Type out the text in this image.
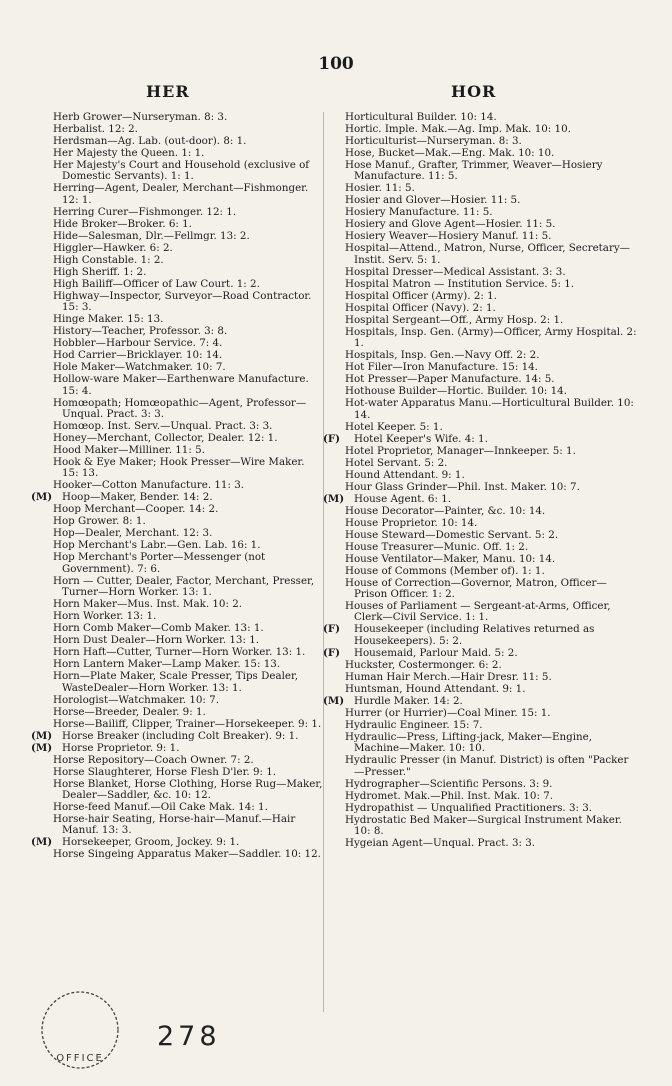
100
HER	HOR
Herb Grower—Nurseryman. 8: 3.
Herbalist. 12: 2.
Herdsman—Ag. Lab. (out-door). 8: 1.
Her Majesty the Queen. 1: 1.
Her Majesty's Court and Household (exclusive of Domestic Servants). 1: 1.
Herring—Agent, Dealer, Merchant—Fishmonger. 12: 1.
Herring Curer—Fishmonger. 12: 1.
Hide Broker—Broker. 6: 1.
Hide—Salesman, Dlr.—Fellmgr. 13: 2.
Higgler—Hawker. 6: 2.
High Constable. 1: 2.
High Sheriff. 1: 2.
High Bailiff—Officer of Law Court. 1: 2.
Highway—Inspector, Surveyor—Road Contractor. 15: 3.
Hinge Maker. 15: 13.
History—Teacher, Professor. 3: 8.
Hobbler—Harbour Service. 7: 4.
Hod Carrier—Bricklayer. 10: 14.
Hole Maker—Watchmaker. 10: 7.
Hollow-ware Maker—Earthenware Manufacture. 15: 4.
Homœopath; Homœopathic—Agent, Professor—Unqual. Pract. 3: 3.
Homœop. Inst. Serv.—Unqual. Pract. 3: 3.
Honey—Merchant, Collector, Dealer. 12: 1.
Hood Maker—Milliner. 11: 5.
Hook & Eye Maker; Hook Presser—Wire Maker. 15: 13.
Hooker—Cotton Manufacture. 11: 3.
(M) Hoop—Maker, Bender. 14: 2.
Hoop Merchant—Cooper. 14: 2.
Hop Grower. 8: 1.
Hop—Dealer, Merchant. 12: 3.
Hop Merchant's Labr.—Gen. Lab. 16: 1.
Hop Merchant's Porter—Messenger (not Government). 7: 6.
Horn — Cutter, Dealer, Factor, Merchant, Presser, Turner—Horn Worker. 13: 1.
Horn Maker—Mus. Inst. Mak. 10: 2.
Horn Worker. 13: 1.
Horn Comb Maker—Comb Maker. 13: 1.
Horn Dust Dealer—Horn Worker. 13: 1.
Horn Haft—Cutter, Turner—Horn Worker. 13: 1.
Horn Lantern Maker—Lamp Maker. 15: 13.
Horn—Plate Maker, Scale Presser, Tips Dealer, WasteDealer—Horn Worker. 13: 1.
Horologist—Watchmaker. 10: 7.
Horse—Breeder, Dealer. 9: 1.
Horse—Bailiff, Clipper, Trainer—Horsekeeper. 9: 1.
(M) Horse Breaker (including Colt Breaker). 9: 1.
(M) Horse Proprietor. 9: 1.
Horse Repository—Coach Owner. 7: 2.
Horse Slaughterer, Horse Flesh D'ler. 9: 1.
Horse Blanket, Horse Clothing, Horse Rug—Maker, Dealer—Saddler, &c. 10: 12.
Horse-feed Manuf.—Oil Cake Mak. 14: 1.
Horse-hair Seating, Horse-hair—Manuf.—Hair Manuf. 13: 3.
(M) Horsekeeper, Groom, Jockey. 9: 1.
Horse Singeing Apparatus Maker—Saddler. 10: 12.
Horticultural Builder. 10: 14.
Hortic. Imple. Mak.—Ag. Imp. Mak. 10: 10.
Horticulturist—Nurseryman. 8: 3.
Hose, Bucket—Mak.—Eng. Mak. 10: 10.
Hose Manuf., Grafter, Trimmer, Weaver—Hosiery Manufacture. 11: 5.
Hosier. 11: 5.
Hosier and Glover—Hosier. 11: 5.
Hosiery Manufacture. 11: 5.
Hosiery and Glove Agent—Hosier. 11: 5.
Hosiery Weaver—Hosiery Manuf. 11: 5.
Hospital—Attend., Matron, Nurse, Officer, Secretary—Instit. Serv. 5: 1.
Hospital Dresser—Medical Assistant. 3: 3.
Hospital Matron — Institution Service. 5: 1.
Hospital Officer (Army). 2: 1.
Hospital Officer (Navy). 2: 1.
Hospital Sergeant—Off., Army Hosp. 2: 1.
Hospitals, Insp. Gen. (Army)—Officer, Army Hospital. 2: 1.
Hospitals, Insp. Gen.—Navy Off. 2: 2.
Hot Filer—Iron Manufacture. 15: 14.
Hot Presser—Paper Manufacture. 14: 5.
Hothouse Builder—Hortic. Builder. 10: 14.
Hot-water Apparatus Manu.—Horticultural Builder. 10: 14.
Hotel Keeper. 5: 1.
(F) Hotel Keeper's Wife. 4: 1.
Hotel Proprietor, Manager—Innkeeper. 5: 1.
Hotel Servant. 5: 2.
Hound Attendant. 9: 1.
Hour Glass Grinder—Phil. Inst. Maker. 10: 7.
(M) House Agent. 6: 1.
House Decorator—Painter, &c. 10: 14.
House Proprietor. 10: 14.
House Steward—Domestic Servant. 5: 2.
House Treasurer—Munic. Off. 1: 2.
House Ventilator—Maker, Manu. 10: 14.
House of Commons (Member of). 1: 1.
House of Correction—Governor, Matron, Officer—Prison Officer. 1: 2.
Houses of Parliament — Sergeant-at-Arms, Officer, Clerk—Civil Service. 1: 1.
(F) Housekeeper (including Relatives returned as Housekeepers). 5: 2.
(F) Housemaid, Parlour Maid. 5: 2.
Huckster, Costermonger. 6: 2.
Human Hair Merch.—Hair Dresr. 11: 5.
Huntsman, Hound Attendant. 9: 1.
(M) Hurdle Maker. 14: 2.
Hurrer (or Hurrier)—Coal Miner. 15: 1.
Hydraulic Engineer. 15: 7.
Hydraulic—Press, Lifting-jack, Maker—Engine, Machine—Maker. 10: 10.
Hydraulic Presser (in Manuf. District) is often "Packer—Presser."
Hydrographer—Scientific Persons. 3: 9.
Hydromet. Mak.—Phil. Inst. Mak. 10: 7.
Hydropathist — Unqualified Practitioners. 3: 3.
Hydrostatic Bed Maker—Surgical Instrument Maker. 10: 8.
Hygeian Agent—Unqual. Pract. 3: 3.
OFFICE
278
